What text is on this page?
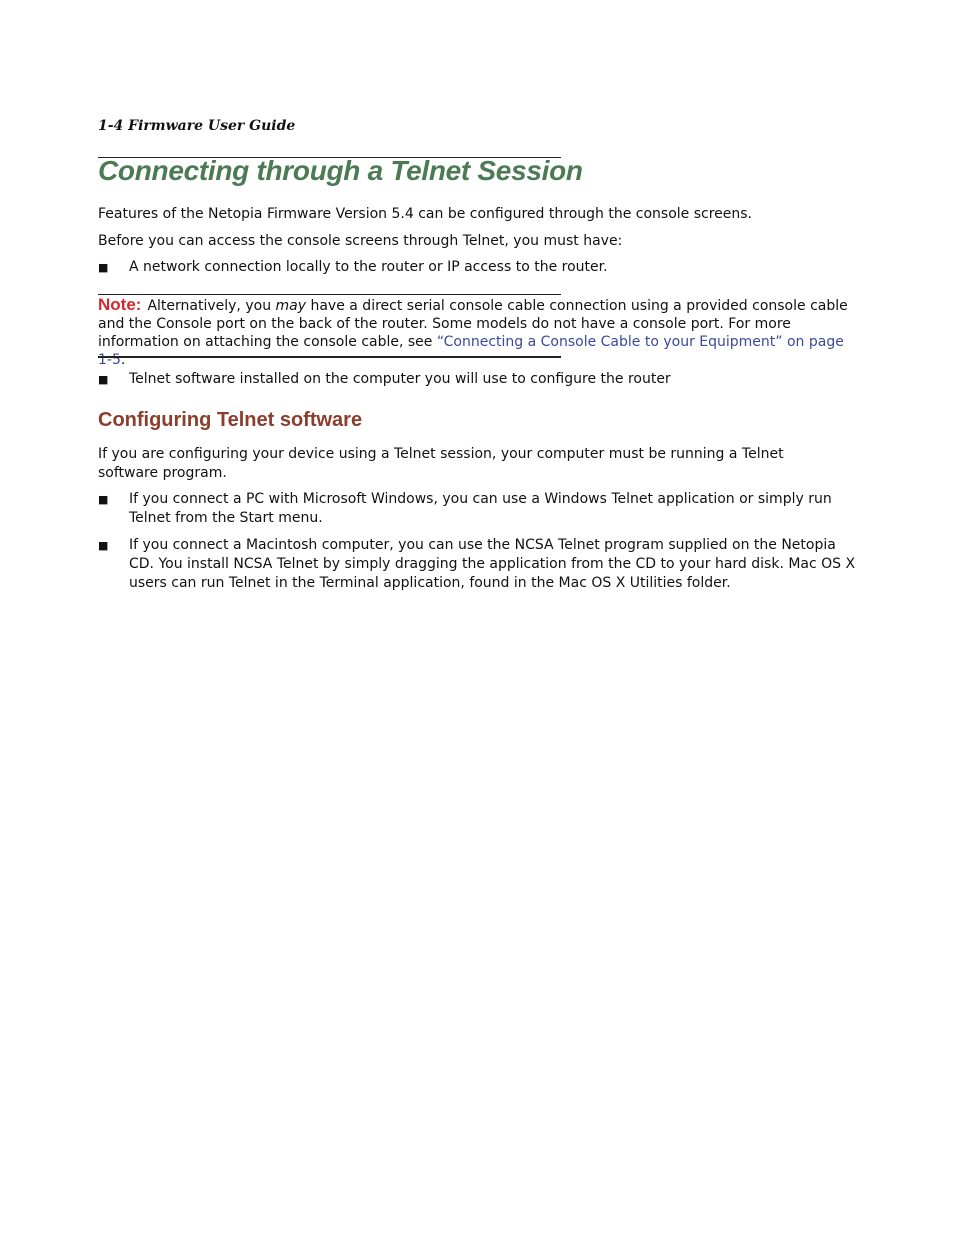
1-4 Firmware User Guide
Connecting through a Telnet Session

Features of the Netopia Firmware Version 5.4 can be configured through the console screens.

Before you can access the console screens through Telnet, you must have:

■ A network connection locally to the router or IP access to the router.
Note: Alternatively, you may have a direct serial console cable connection using a provided console cable and the Console port on the back of the router. Some models do not have a console port. For more information on attaching the console cable, see “Connecting a Console Cable to your Equipment” on page 1-5.
■ Telnet software installed on the computer you will use to configure the router
Configuring Telnet software

If you are configuring your device using a Telnet session, your computer must be running a Telnet software program.

■ If you connect a PC with Microsoft Windows, you can use a Windows Telnet application or simply run Telnet from the Start menu.
■ If you connect a Macintosh computer, you can use the NCSA Telnet program supplied on the Netopia CD. You install NCSA Telnet by simply dragging the application from the CD to your hard disk. Mac OS X users can run Telnet in the Terminal application, found in the Mac OS X Utilities folder.
